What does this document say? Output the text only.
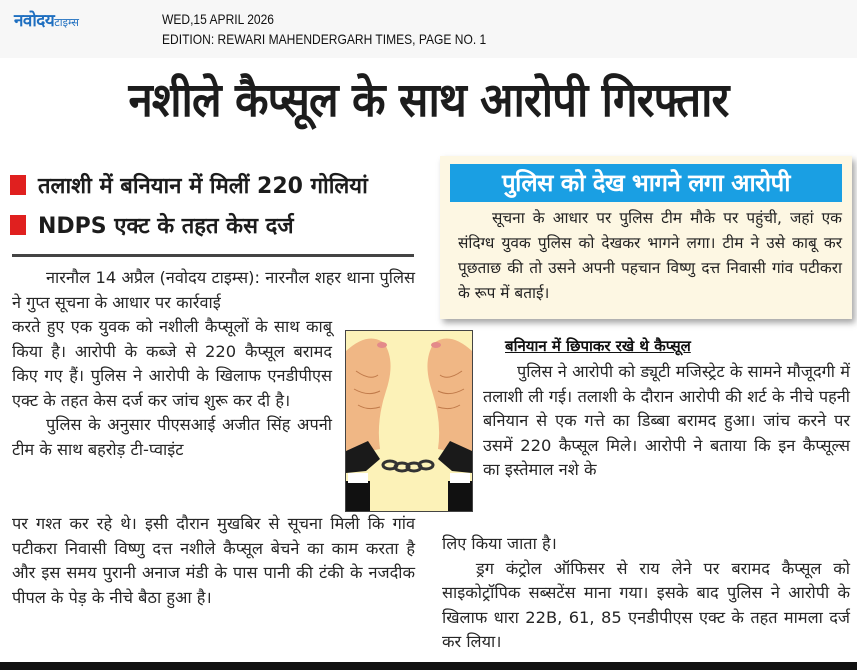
नवोदयटाइम्स	WED,15 APRIL 2026
EDITION: REWARI MAHENDERGARH TIMES, PAGE NO. 1
नशीले कैप्सूल के साथ आरोपी गिरफ्तार
तलाशी में बनियान में मिलीं 220 गोलियां
NDPS एक्ट के तहत केस दर्ज
पुलिस को देख भागने लगा आरोपी
सूचना के आधार पर पुलिस टीम मौके पर पहुंची, जहां एक संदिग्ध युवक पुलिस को देखकर भागने लगा। टीम ने उसे काबू कर पूछताछ की तो उसने अपनी पहचान विष्णु दत्त निवासी गांव पटीकरा के रूप में बताई।
नारनौल 14 अप्रैल (नवोदय टाइम्स): नारनौल शहर थाना पुलिस ने गुप्त सूचना के आधार पर कार्रवाई
करते हुए एक युवक को नशीली कैप्सूलों के साथ काबू किया है। आरोपी के कब्जे से 220 कैप्सूल बरामद किए गए हैं। पुलिस ने आरोपी के खिलाफ एनडीपीएस एक्ट के तहत केस दर्ज कर जांच शुरू कर दी है।
पुलिस के अनुसार पीएसआई अजीत सिंह अपनी टीम के साथ बहरोड़ टी-प्वाइंट
पर गश्त कर रहे थे। इसी दौरान मुखबिर से सूचना मिली कि गांव पटीकरा निवासी विष्णु दत्त नशीले कैप्सूल बेचने का काम करता है और इस समय पुरानी अनाज मंडी के पास पानी की टंकी के नजदीक पीपल के पेड़ के नीचे बैठा हुआ है।
बनियान में छिपाकर रखे थे कैप्सूल
पुलिस ने आरोपी को ड्यूटी मजिस्ट्रेट के सामने मौजूदगी में तलाशी ली गई। तलाशी के दौरान आरोपी की शर्ट के नीचे पहनी बनियान से एक गत्ते का डिब्बा बरामद हुआ। जांच करने पर उसमें 220 कैप्सूल मिले। आरोपी ने बताया कि इन कैप्सूल्स का इस्तेमाल नशे के
लिए किया जाता है।
ड्रग कंट्रोल ऑफिसर से राय लेने पर बरामद कैप्सूल को साइकोट्रॉपिक सब्सटेंस माना गया। इसके बाद पुलिस ने आरोपी के खिलाफ धारा 22B, 61, 85 एनडीपीएस एक्ट के तहत मामला दर्ज कर लिया।
